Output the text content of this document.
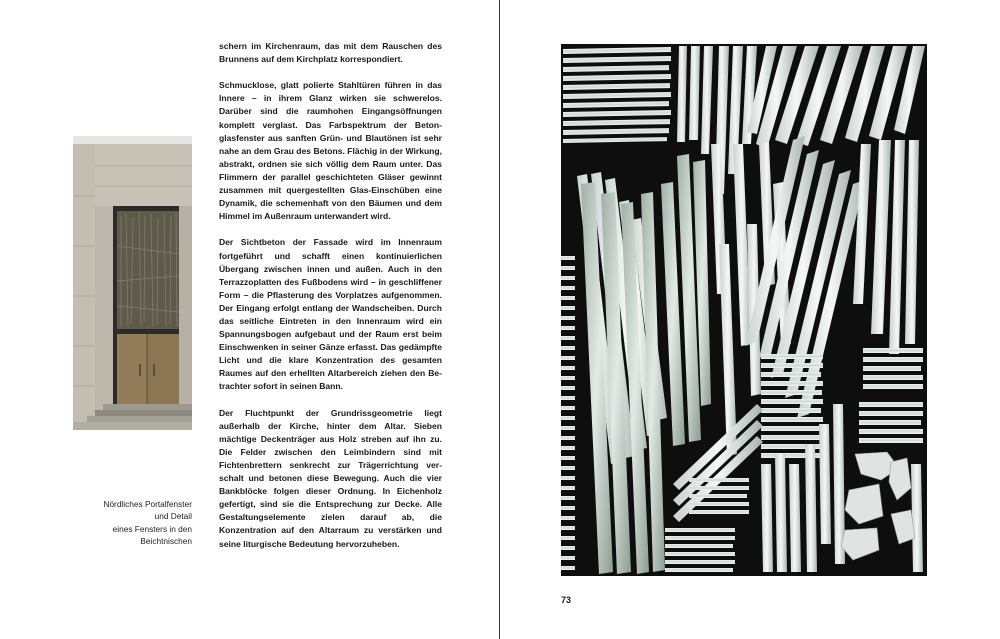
schern im Kirchenraum, das mit dem Rauschen des Brunnens auf dem Kirchplatz korrespondiert.

Schmucklose, glatt polierte Stahltüren führen in das Innere – in ihrem Glanz wirken sie schwerelos. Darüber sind die raumhohen Eingangsöffnungen komplett verglast. Das Farbspektrum der Betonglasfenster aus sanften Grün- und Blautönen ist sehr nahe an dem Grau des Betons. Flächig in der Wirkung, abstrakt, ordnen sie sich völlig dem Raum unter. Das Flimmern der parallel geschichteten Gläser gewinnt zusammen mit quergestellten Glas-Einschüben eine Dynamik, die schemenhaft von den Bäumen und dem Himmel im Außenraum unterwandert wird.

Der Sichtbeton der Fassade wird im Innenraum fortgeführt und schafft einen kontinuierlichen Übergang zwischen innen und außen. Auch in den Terrazzoplatten des Fußbodens wird – in geschliffener Form – die Pflasterung des Vorplatzes aufgenommen. Der Eingang erfolgt entlang der Wandscheiben. Durch das seitliche Eintreten in den Innenraum wird ein Spannungsbogen aufgebaut und der Raum erst beim Einschwenken in seiner Gänze erfasst. Das gedämpfte Licht und die klare Konzentration des gesamten Raumes auf den erhellten Altarbereich ziehen den Betrachter sofort in seinen Bann.

Der Fluchtpunkt der Grundrissgeometrie liegt außerhalb der Kirche, hinter dem Altar. Sieben mächtige Deckenträger aus Holz streben auf ihn zu. Die Felder zwischen den Leimbindern sind mit Fichtenbrettern senkrecht zur Trägerrichtung verschalt und betonen diese Bewegung. Auch die vier Bankblöcke folgen dieser Ordnung. In Eichenholz gefertigt, sind sie die Entsprechung zur Decke. Alle Gestaltungselemente zielen darauf ab, die Konzentration auf den Altarraum zu verstärken und seine liturgische Bedeutung hervorzuheben.

Nördliches Portalfenster
und Detail
eines Fensters in den
Beichtnischen
73
